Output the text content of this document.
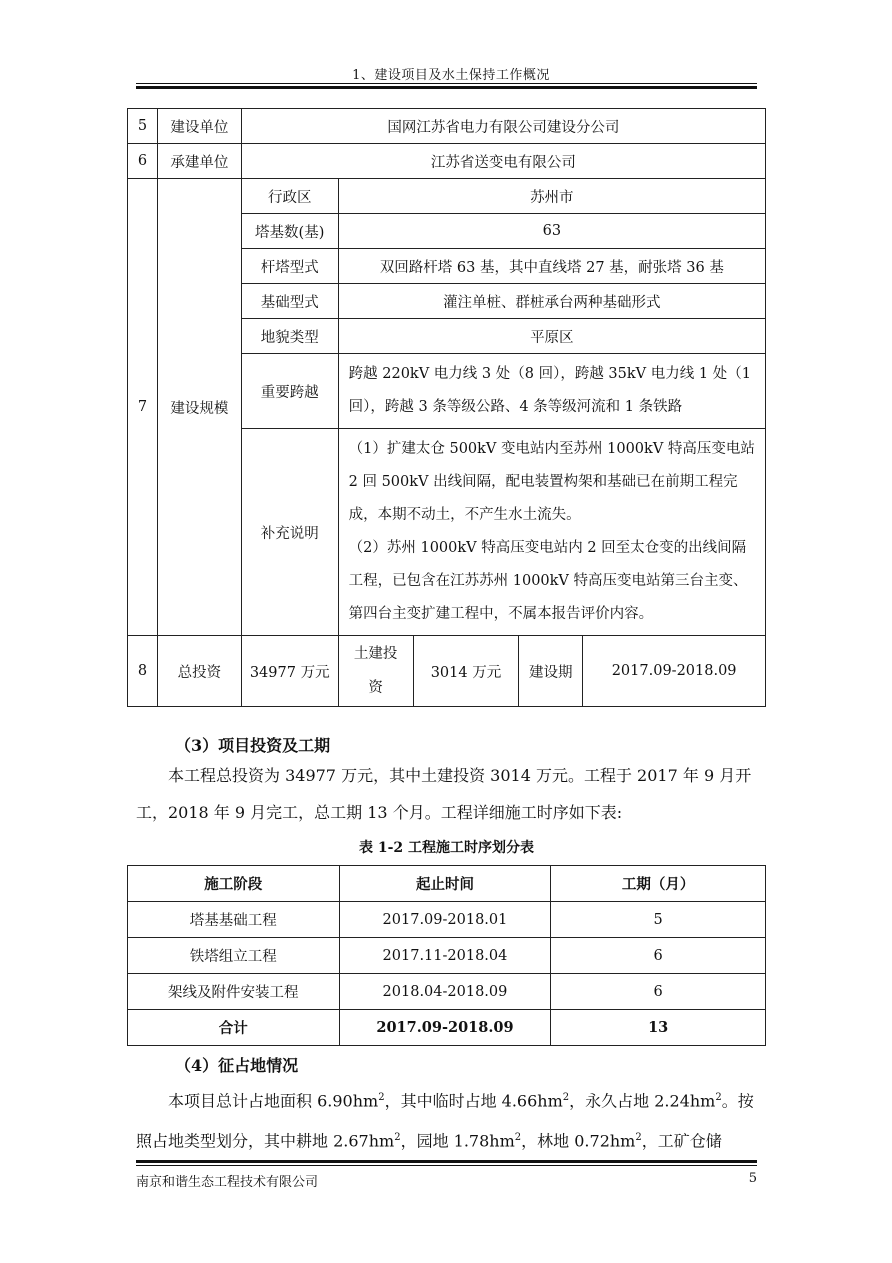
1、建设项目及水土保持工作概况
5	建设单位	国网江苏省电力有限公司建设分公司				
6	承建单位	江苏省送变电有限公司				
7	建设规模	行政区	苏州市			
		塔基数(基)	63			
		杆塔型式	双回路杆塔 63 基，其中直线塔 27 基，耐张塔 36 基			
		基础型式	灌注单桩、群桩承台两种基础形式			
		地貌类型	平原区			
		重要跨越	跨越 220kV 电力线 3 处（8 回），跨越 35kV 电力线 1 处（1 回），跨越 3 条等级公路、4 条等级河流和 1 条铁路			
		补充说明	（1）扩建太仓 500kV 变电站内至苏州 1000kV 特高压变电站 2 回 500kV 出线间隔，配电装置构架和基础已在前期工程完成，本期不动土，不产生水土流失。
（2）苏州 1000kV 特高压变电站内 2 回至太仓变的出线间隔工程，已包含在江苏苏州 1000kV 特高压变电站第三台主变、第四台主变扩建工程中，不属本报告评价内容。			

8	总投资	34977 万元	土建投资	3014 万元	建设期	2017.09-2018.09
（3）项目投资及工期
本工程总投资为 34977 万元，其中土建投资 3014 万元。工程于 2017 年 9 月开工，2018 年 9 月完工，总工期 13 个月。工程详细施工时序如下表:
表 1-2 工程施工时序划分表
施工阶段	起止时间	工期（月）
塔基基础工程	2017.09-2018.01	5
铁塔组立工程	2017.11-2018.04	6
架线及附件安装工程	2018.04-2018.09	6
合计	2017.09-2018.09	13
（4）征占地情况
本项目总计占地面积 $6.90hm^2$，其中临时占地 $4.66hm^2$，永久占地 $2.24hm^2$。按照占地类型划分，其中耕地 $2.67hm^2$，园地 $1.78hm^2$，林地 $0.72hm^2$，工矿仓储
南京和谐生态工程技术有限公司	5
